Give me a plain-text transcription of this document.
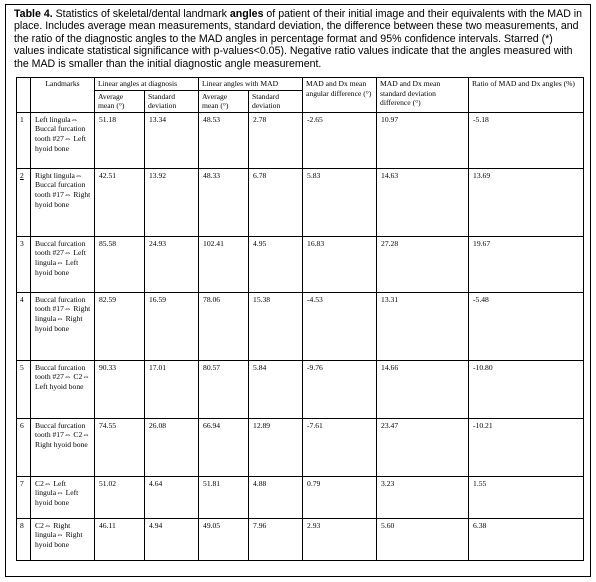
Table 4. Statistics of skeletal/dental landmark angles of patient of their initial image and their equivalents with the MAD in place. Includes average mean measurements, standard deviation, the difference between these two measurements, and the ratio of the diagnostic angles to the MAD angles in percentage format and 95% confidence intervals. Starred (*) values indicate statistical significance with p-values<0.05). Negative ratio values indicate that the angles measured with the MAD is smaller than the initial diagnostic angle measurement.
	Landmarks	Linear angles at diagnosis		Linear angles with MAD		MAD and Dx mean angular difference (°)	MAD and Dx mean standard deviation difference (°)	Ratio of MAD and Dx angles (%)
		Average mean (°)	Standard deviation	Average mean (°)	Standard deviation			
1	Left lingula⇔ Buccal furcation tooth #27⇔ Left hyoid bone	51.18	13.34	48.53	2.78	-2.65	10.97	-5.18
2	Right lingula⇔ Buccal furcation tooth #17⇔ Right hyoid bone	42.51	13.92	48.33	6.78	5.83	14.63	13.69
3	Buccal furcation tooth #27⇔ Left lingula⇔ Left hyoid bone	85.58	24.93	102.41	4.95	16.83	27.28	19.67
4	Buccal furcation tooth #17⇔ Right lingula⇔ Right hyoid bone	82.59	16.59	78.06	15.38	-4.53	13.31	-5.48
5	Buccal furcation tooth #27⇔ C2⇔ Left hyoid bone	90.33	17.01	80.57	5.84	-9.76	14.66	-10.80
6	Buccal furcation tooth #17⇔ C2⇔ Right hyoid bone	74.55	26.08	66.94	12.89	-7.61	23.47	-10.21
7	C2⇔ Left lingula⇔ Left hyoid bone	51.02	4.64	51.81	4.88	0.79	3.23	1.55
8	C2⇔ Right lingula⇔ Right hyoid bone	46.11	4.94	49.05	7.96	2.93	5.60	6.38
